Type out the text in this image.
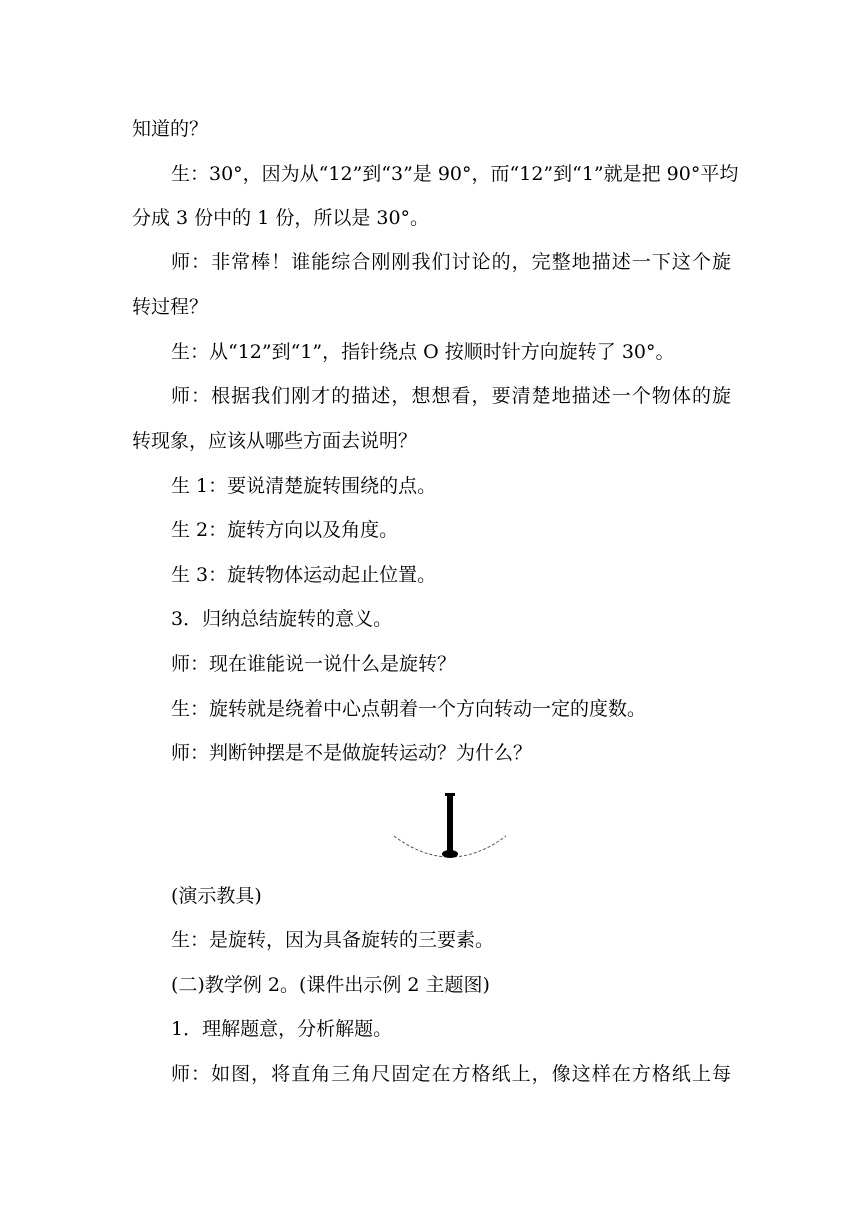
知道的？

生：30°，因为从“12”到“3”是 90°，而“12”到“1”就是把 90°平均

分成 3 份中的 1 份，所以是 30°。

师：非常棒！谁能综合刚刚我们讨论的，完整地描述一下这个旋

转过程？

生：从“12”到“1”，指针绕点 O 按顺时针方向旋转了 30°。

师：根据我们刚才的描述，想想看，要清楚地描述一个物体的旋

转现象，应该从哪些方面去说明？

生 1：要说清楚旋转围绕的点。

生 2：旋转方向以及角度。

生 3：旋转物体运动起止位置。

3．归纳总结旋转的意义。

师：现在谁能说一说什么是旋转？

生：旋转就是绕着中心点朝着一个方向转动一定的度数。

师：判断钟摆是不是做旋转运动？为什么？

(演示教具)

生：是旋转，因为具备旋转的三要素。

(二)教学例 2。(课件出示例 2 主题图)

1．理解题意，分析解题。

师：如图，将直角三角尺固定在方格纸上，像这样在方格纸上每
